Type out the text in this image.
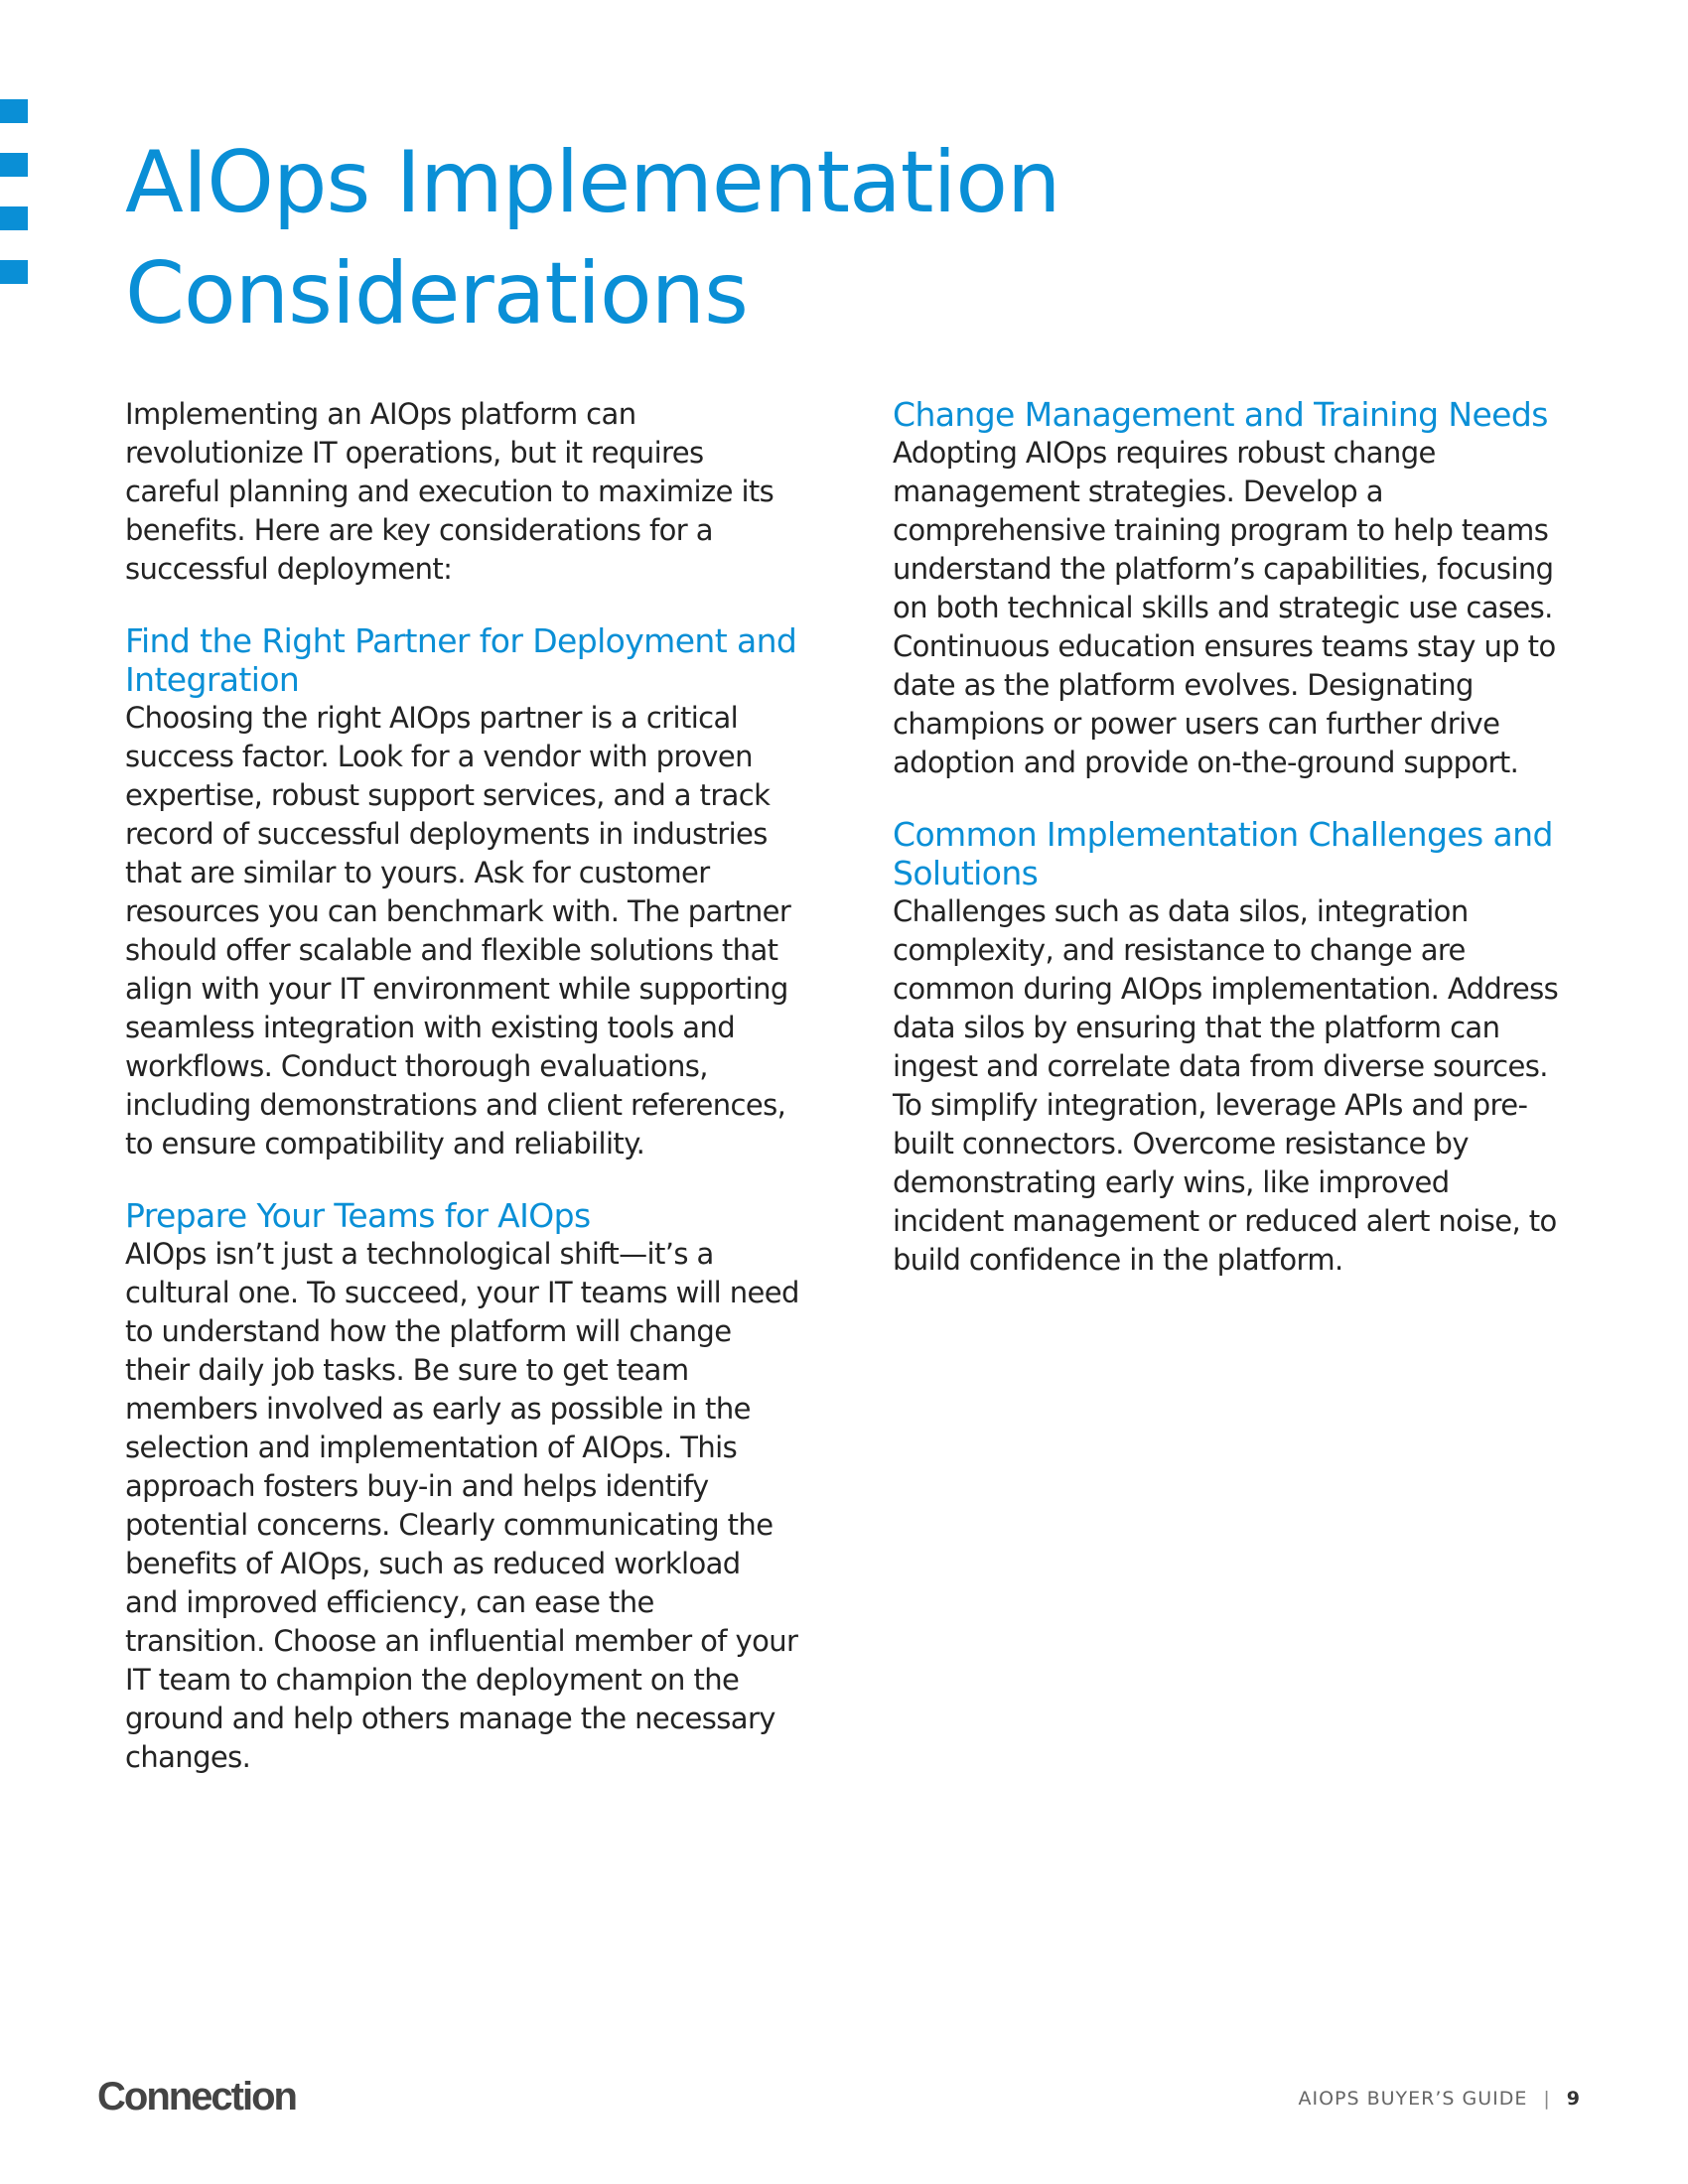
AIOps Implementation
Considerations

Implementing an AIOps platform can revolutionize IT operations, but it requires careful planning and execution to maximize its benefits. Here are key considerations for a successful deployment:

Find the Right Partner for Deployment and Integration

Choosing the right AIOps partner is a critical success factor. Look for a vendor with proven expertise, robust support services, and a track record of successful deployments in industries that are similar to yours. Ask for customer resources you can benchmark with. The partner should offer scalable and flexible solutions that align with your IT environment while supporting seamless integration with existing tools and workflows. Conduct thorough evaluations, including demonstrations and client references, to ensure compatibility and reliability.

Prepare Your Teams for AIOps

AIOps isn’t just a technological shift—it’s a cultural one. To succeed, your IT teams will need to understand how the platform will change their daily job tasks. Be sure to get team members involved as early as possible in the selection and implementation of AIOps. This approach fosters buy-in and helps identify potential concerns. Clearly communicating the benefits of AIOps, such as reduced workload and improved efficiency, can ease the transition. Choose an influential member of your IT team to champion the deployment on the ground and help others manage the necessary changes.

Change Management and Training Needs

Adopting AIOps requires robust change management strategies. Develop a comprehensive training program to help teams understand the platform’s capabilities, focusing on both technical skills and strategic use cases. Continuous education ensures teams stay up to date as the platform evolves. Designating champions or power users can further drive adoption and provide on-the-ground support.

Common Implementation Challenges and Solutions

Challenges such as data silos, integration complexity, and resistance to change are common during AIOps implementation. Address data silos by ensuring that the platform can ingest and correlate data from diverse sources. To simplify integration, leverage APIs and pre-built connectors. Overcome resistance by demonstrating early wins, like improved incident management or reduced alert noise, to build confidence in the platform.

Connection	AIOPS BUYER’S GUIDE | 9
